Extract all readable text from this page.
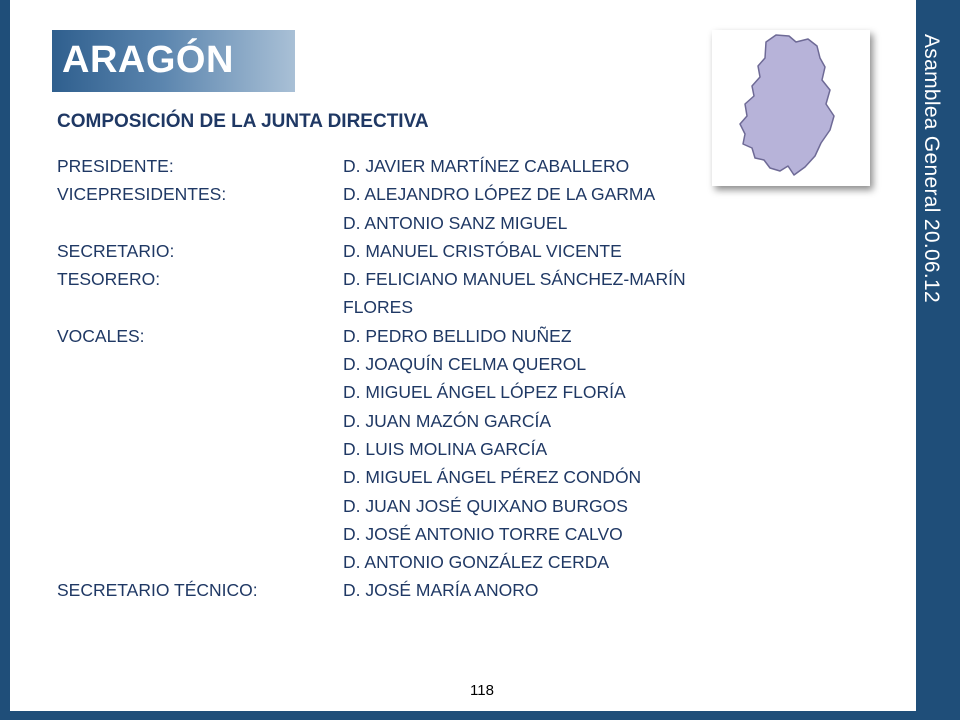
Asamblea General 20.06.12
ARAGÓN
COMPOSICIÓN DE LA JUNTA DIRECTIVA
PRESIDENTE:	D. JAVIER MARTÍNEZ CABALLERO
VICEPRESIDENTES:	D. ALEJANDRO LÓPEZ DE LA GARMA
D. ANTONIO SANZ MIGUEL
SECRETARIO:	D. MANUEL CRISTÓBAL VICENTE
TESORERO:	D. FELICIANO MANUEL SÁNCHEZ-MARÍN
FLORES
VOCALES:	D. PEDRO BELLIDO NUÑEZ
D. JOAQUÍN CELMA QUEROL
D. MIGUEL ÁNGEL LÓPEZ FLORÍA
D. JUAN MAZÓN GARCÍA
D. LUIS MOLINA GARCÍA
D. MIGUEL ÁNGEL PÉREZ CONDÓN
D. JUAN JOSÉ QUIXANO BURGOS
D. JOSÉ ANTONIO TORRE CALVO
D. ANTONIO GONZÁLEZ CERDA
SECRETARIO TÉCNICO:	D. JOSÉ MARÍA ANORO
118
